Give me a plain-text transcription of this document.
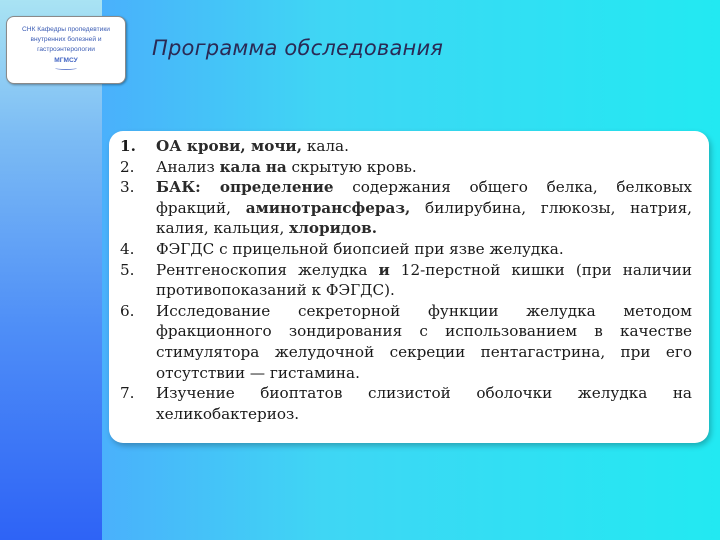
СНК Кафедры пропедевтики внутренних болезней и гастроэнтерологии
МГМСУ
Программа обследования
1.	ОА крови, мочи, кала.
2.	Анализ кала на скрытую кровь.
3.	БАК: определение содержания общего белка, белковых фракций, аминотрансфераз, билирубина, глюкозы, натрия, калия, кальция, хлоридов.
4.	ФЭГДС с прицельной биопсией при язве желудка.
5.	Рентгеноскопия желудка и 12-перстной кишки (при наличии противопоказаний к ФЭГДС).
6.	Исследование секреторной функции желудка методом фракционного зондирования с использованием в качестве стимулятора желудочной секреции пентагастрина, при его отсутствии — гистамина.
7.	Изучение биоптатов слизистой оболочки желудка на хеликобактериоз.
